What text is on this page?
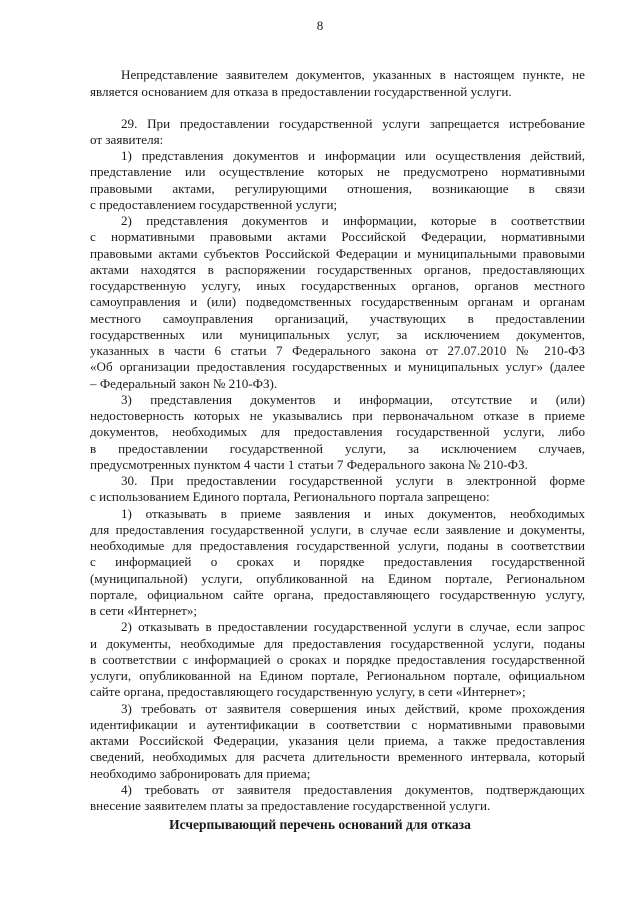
8
Непредставление заявителем документов, указанных в настоящем пункте, не
является основанием для отказа в предоставлении государственной услуги.
29. При предоставлении государственной услуги запрещается истребование
от заявителя:
1) представления документов и информации или осуществления действий,
представление или осуществление которых не предусмотрено нормативными
правовыми актами, регулирующими отношения, возникающие в связи
с предоставлением государственной услуги;
2) представления документов и информации, которые в соответствии
с нормативными правовыми актами Российской Федерации, нормативными
правовыми актами субъектов Российской Федерации и муниципальными правовыми
актами находятся в распоряжении государственных органов, предоставляющих
государственную услугу, иных государственных органов, органов местного
самоуправления и (или) подведомственных государственным органам и органам
местного самоуправления организаций, участвующих в предоставлении
государственных или муниципальных услуг, за исключением документов,
указанных в части 6 статьи 7 Федерального закона от 27.07.2010 № 210-ФЗ
«Об организации предоставления государственных и муниципальных услуг» (далее
– Федеральный закон № 210-ФЗ).
3) представления документов и информации, отсутствие и (или)
недостоверность которых не указывались при первоначальном отказе в приеме
документов, необходимых для предоставления государственной услуги, либо
в предоставлении государственной услуги, за исключением случаев,
предусмотренных пунктом 4 части 1 статьи 7 Федерального закона № 210-ФЗ.
30. При предоставлении государственной услуги в электронной форме
с использованием Единого портала, Регионального портала запрещено:
1) отказывать в приеме заявления и иных документов, необходимых
для предоставления государственной услуги, в случае если заявление и документы,
необходимые для предоставления государственной услуги, поданы в соответствии
с информацией о сроках и порядке предоставления государственной
(муниципальной) услуги, опубликованной на Едином портале, Региональном
портале, официальном сайте органа, предоставляющего государственную услугу,
в сети «Интернет»;
2) отказывать в предоставлении государственной услуги в случае, если запрос
и документы, необходимые для предоставления государственной услуги, поданы
в соответствии с информацией о сроках и порядке предоставления государственной
услуги, опубликованной на Едином портале, Региональном портале, официальном
сайте органа, предоставляющего государственную услугу, в сети «Интернет»;
3) требовать от заявителя совершения иных действий, кроме прохождения
идентификации и аутентификации в соответствии с нормативными правовыми
актами Российской Федерации, указания цели приема, а также предоставления
сведений, необходимых для расчета длительности временного интервала, который
необходимо забронировать для приема;
4) требовать от заявителя предоставления документов, подтверждающих
внесение заявителем платы за предоставление государственной услуги.
Исчерпывающий перечень оснований для отказа
